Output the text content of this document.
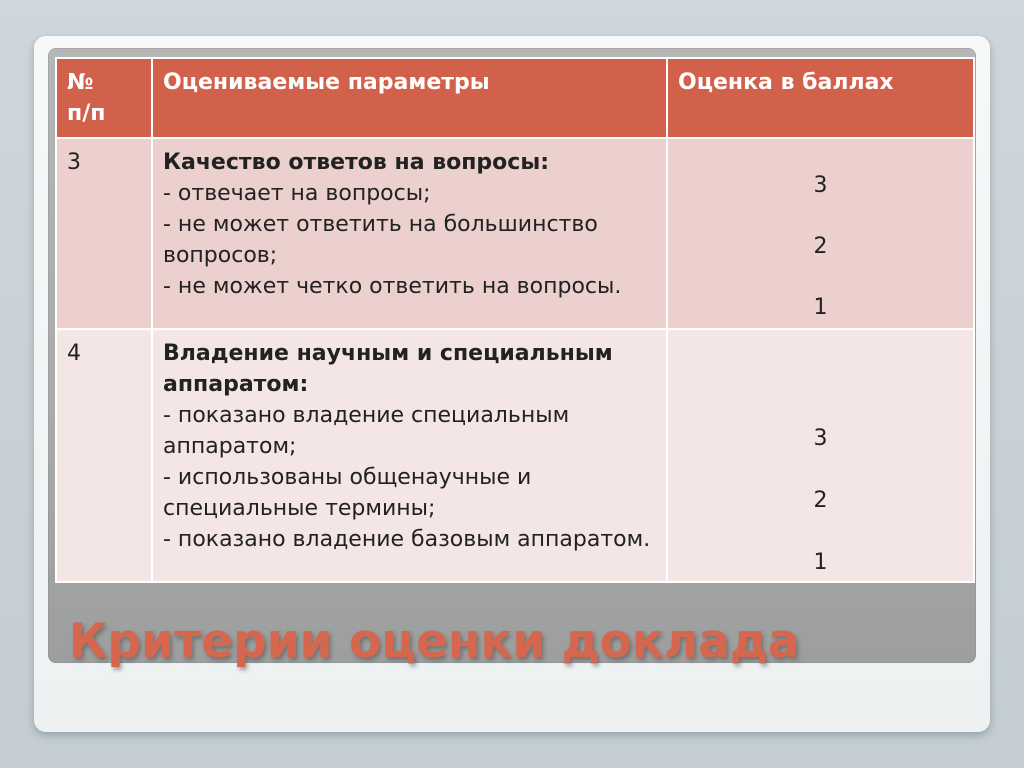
№
п/п	Оцениваемые параметры	Оценка в баллах
3	Качество ответов на вопросы:
- отвечает на вопросы;
- не может ответить на большинство вопросов;
- не может четко ответить на вопросы.	3
2
1

4	Владение научным и специальным аппаратом:
- показано владение специальным аппаратом;
- использованы общенаучные и специальные термины;
- показано владение базовым аппаратом.	3
2
1
Критерии оценки доклада
